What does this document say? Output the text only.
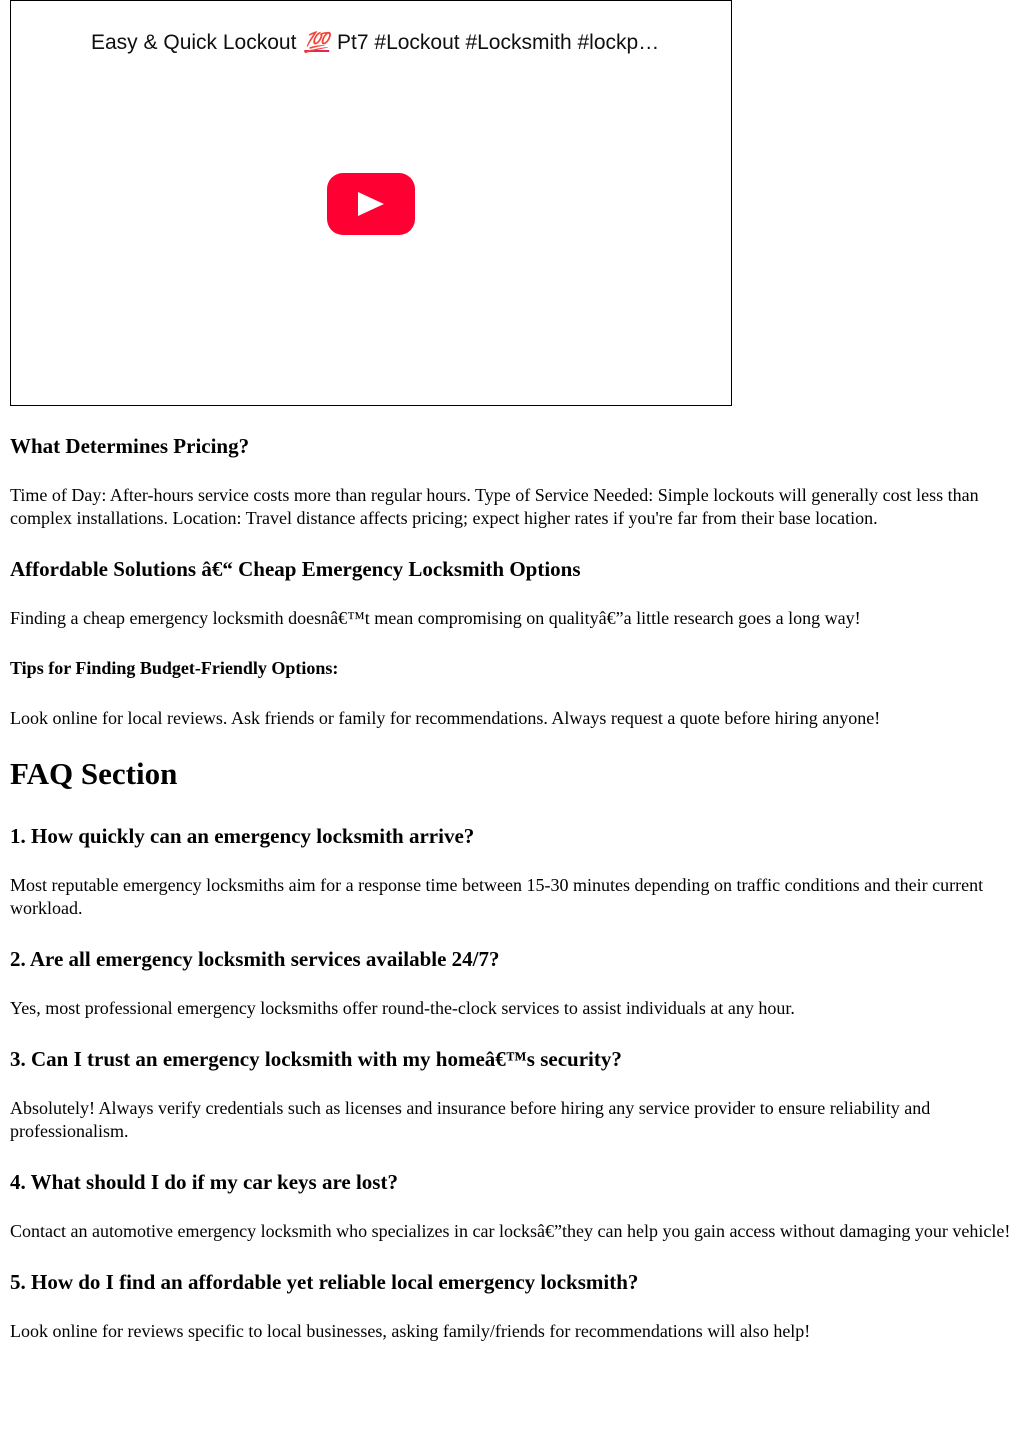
Easy & Quick Lockout 💯 Pt7 #Lockout #Locksmith #lockp…
What Determines Pricing?

Time of Day: After-hours service costs more than regular hours. Type of Service Needed: Simple lockouts will generally cost less than complex installations. Location: Travel distance affects pricing; expect higher rates if you're far from their base location.

Affordable Solutions â€“ Cheap Emergency Locksmith Options

Finding a cheap emergency locksmith doesnâ€™t mean compromising on qualityâ€”a little research goes a long way!

Tips for Finding Budget-Friendly Options:

Look online for local reviews. Ask friends or family for recommendations. Always request a quote before hiring anyone!

FAQ Section
1. How quickly can an emergency locksmith arrive?

Most reputable emergency locksmiths aim for a response time between 15-30 minutes depending on traffic conditions and their current workload.

2. Are all emergency locksmith services available 24/7?

Yes, most professional emergency locksmiths offer round-the-clock services to assist individuals at any hour.

3. Can I trust an emergency locksmith with my homeâ€™s security?

Absolutely! Always verify credentials such as licenses and insurance before hiring any service provider to ensure reliability and professionalism.

4. What should I do if my car keys are lost?

Contact an automotive emergency locksmith who specializes in car locksâ€”they can help you gain access without damaging your vehicle!

5. How do I find an affordable yet reliable local emergency locksmith?

Look online for reviews specific to local businesses, asking family/friends for recommendations will also help!
